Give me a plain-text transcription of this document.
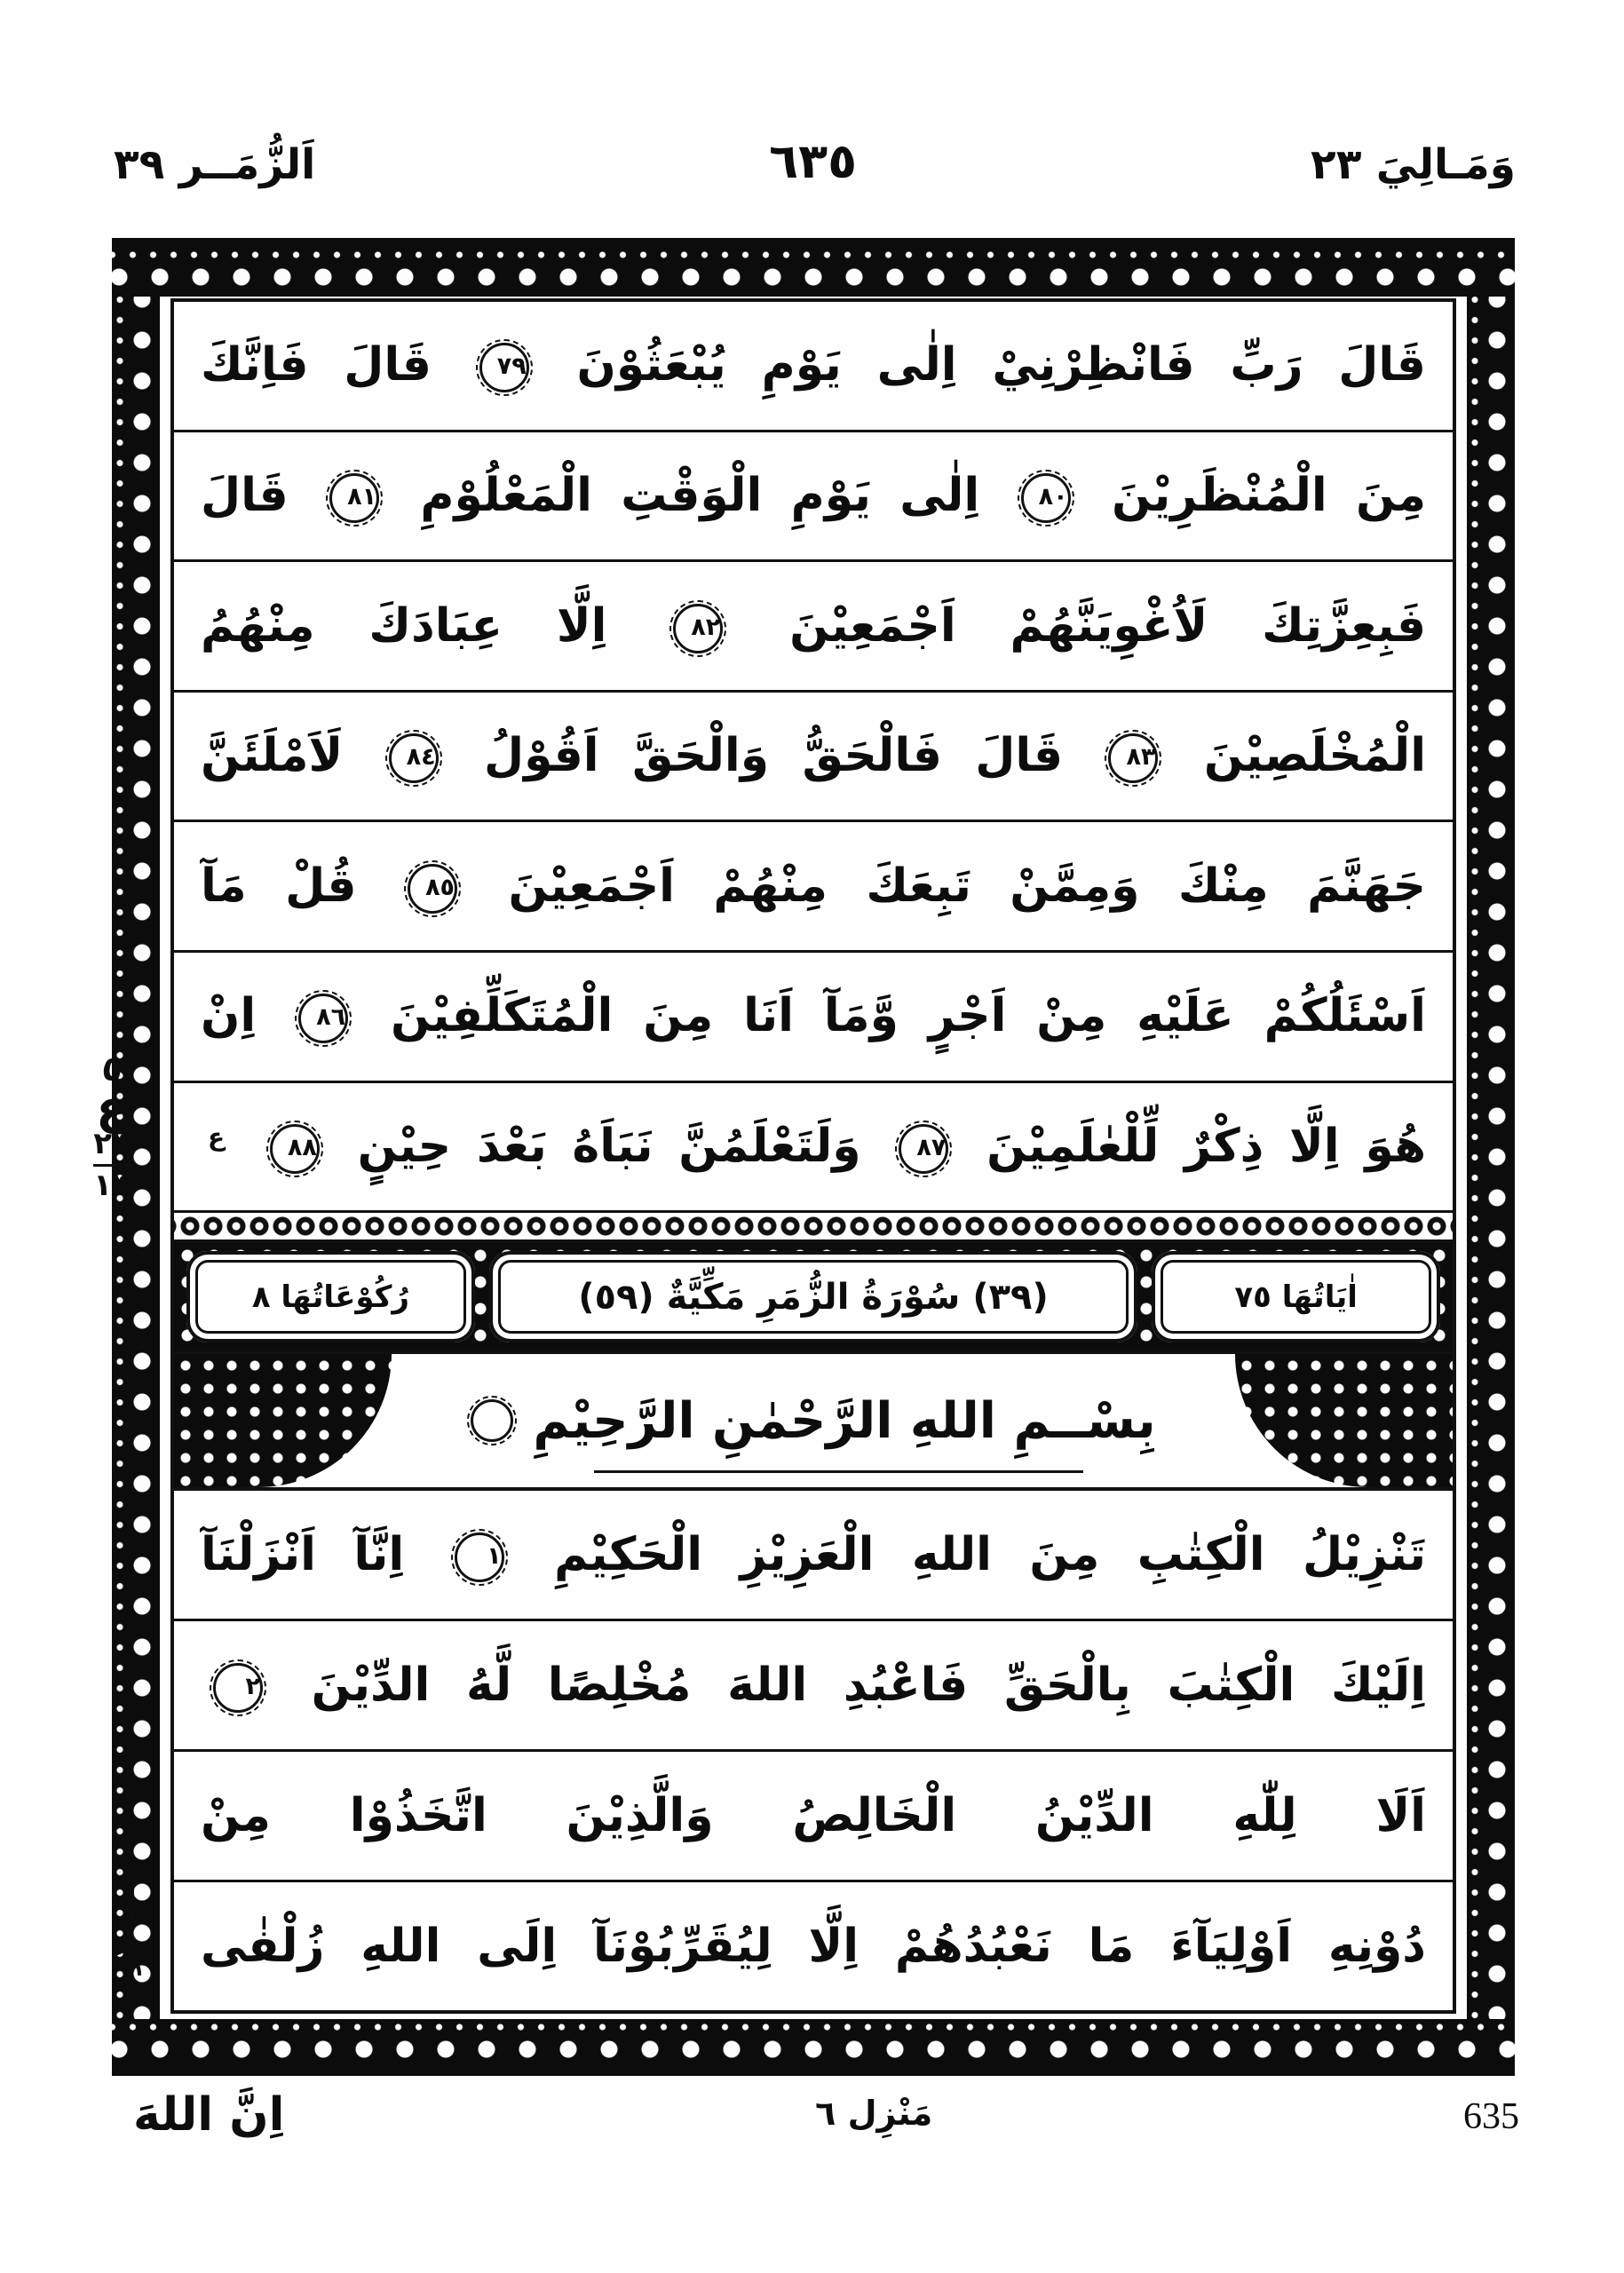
وَمَـالِيَ ٢٣
٦٣٥
اَلزُّمَــر ٣٩
قَالَ رَبِّ فَانْظِرْنِيْ اِلٰى يَوْمِ يُبْعَثُوْنَ ٧٩ قَالَ فَاِنَّكَ
مِنَ الْمُنْظَرِيْنَ ٨٠ اِلٰى يَوْمِ الْوَقْتِ الْمَعْلُوْمِ ٨١ قَالَ
فَبِعِزَّتِكَ لَاُغْوِيَنَّهُمْ اَجْمَعِيْنَ ٨٢ اِلَّا عِبَادَكَ مِنْهُمُ
الْمُخْلَصِيْنَ ٨٣ قَالَ فَالْحَقُّ وَالْحَقَّ اَقُوْلُ ٨٤ لَاَمْلَئَنَّ
جَهَنَّمَ مِنْكَ وَمِمَّنْ تَبِعَكَ مِنْهُمْ اَجْمَعِيْنَ ٨٥ قُلْ مَآ
اَسْئَلُكُمْ عَلَيْهِ مِنْ اَجْرٍ وَّمَآ اَنَا مِنَ الْمُتَكَلِّفِيْنَ ٨٦ اِنْ
هُوَ اِلَّا ذِكْرٌ لِّلْعٰلَمِيْنَ ٨٧ وَلَتَعْلَمُنَّ نَبَاَهُ بَعْدَ حِيْنٍ ٨٨ $^ع$
اٰيَاتُهَا ٧٥
(٣٩) سُوْرَةُ الزُّمَرِ مَكِّيَّةٌ (٥٩)
رُكُوْعَاتُهَا ٨
بِسْــمِ اللهِ الرَّحْمٰنِ الرَّحِيْمِ
تَنْزِيْلُ الْكِتٰبِ مِنَ اللهِ الْعَزِيْزِ الْحَكِيْمِ ١ اِنَّآ اَنْزَلْنَآ
اِلَيْكَ الْكِتٰبَ بِالْحَقِّ فَاعْبُدِ اللهَ مُخْلِصًا لَّهُ الدِّيْنَ ٢
اَلَا لِلّٰهِ الدِّيْنُ الْخَالِصُ وَالَّذِيْنَ اتَّخَذُوْا مِنْ
دُوْنِهِ اَوْلِيَآءَ مَا نَعْبُدُهُمْ اِلَّا لِيُقَرِّبُوْنَآ اِلَى اللهِ زُلْفٰى
٥
ع
۲۴
۱۴
وقف لازم
اِنَّ اللهَ	مَنْزِل ٦	635
